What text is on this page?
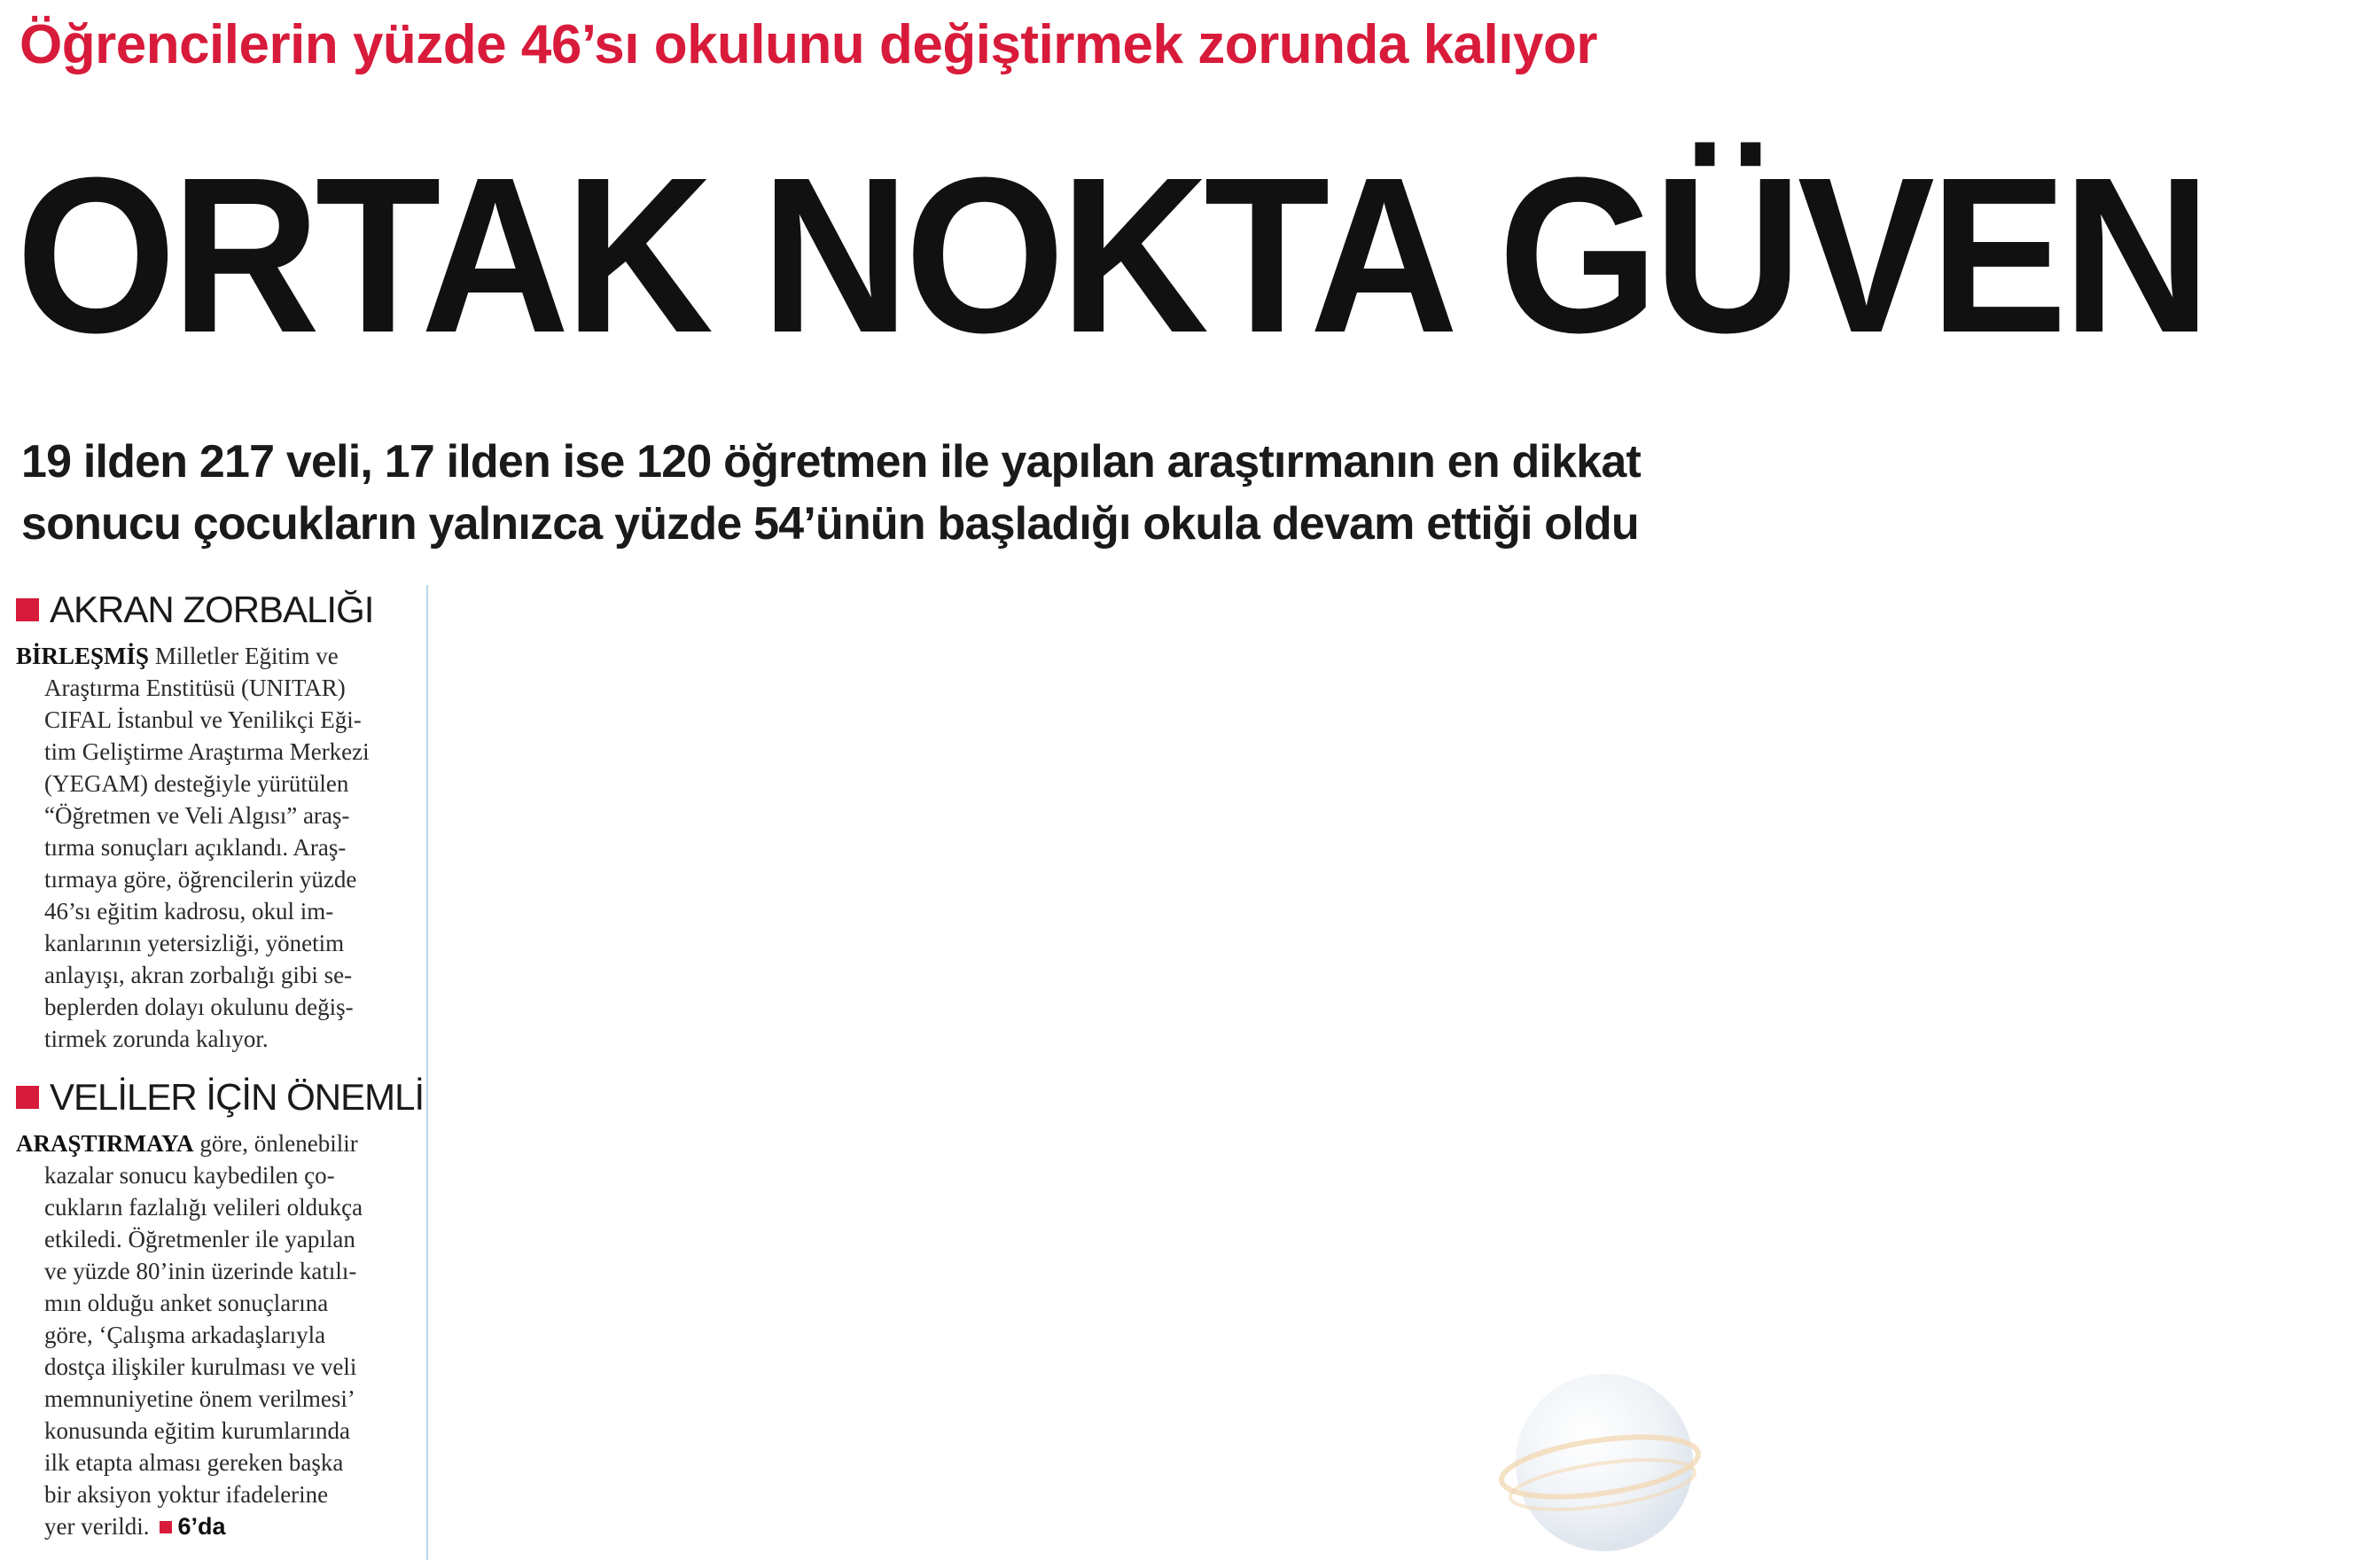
Öğrencilerin yüzde 46’sı okulunu değiştirmek zorunda kalıyor
ORTAK NOKTA GÜVEN
19 ilden 217 veli, 17 ilden ise 120 öğretmen ile yapılan araştırmanın en dikkat
sonucu çocukların yalnızca yüzde 54’ünün başladığı okula devam ettiği oldu
AKRAN ZORBALIĞI

BİRLEŞMİŞ Milletler Eğitim ve
Araştırma Enstitüsü (UNITAR)
CIFAL İstanbul ve Yenilikçi Eği-
tim Geliştirme Araştırma Merkezi
(YEGAM) desteğiyle yürütülen
“Öğretmen ve Veli Algısı” araş-
tırma sonuçları açıklandı. Araş-
tırmaya göre, öğrencilerin yüzde
46’sı eğitim kadrosu, okul im-
kanlarının yetersizliği, yönetim
anlayışı, akran zorbalığı gibi se-
beplerden dolayı okulunu değiş-
tirmek zorunda kalıyor.

VELİLER İÇİN ÖNEMLİ

ARAŞTIRMAYA göre, önlenebilir
kazalar sonucu kaybedilen ço-
cukların fazlalığı velileri oldukça
etkiledi. Öğretmenler ile yapılan
ve yüzde 80’inin üzerinde katılı-
mın olduğu anket sonuçlarına
göre, ‘Çalışma arkadaşlarıyla
dostça ilişkiler kurulması ve veli
memnuniyetine önem verilmesi’
konusunda eğitim kurumlarında
ilk etapta alması gereken başka
bir aksiyon yoktur ifadelerine
yer verildi. 6’da
